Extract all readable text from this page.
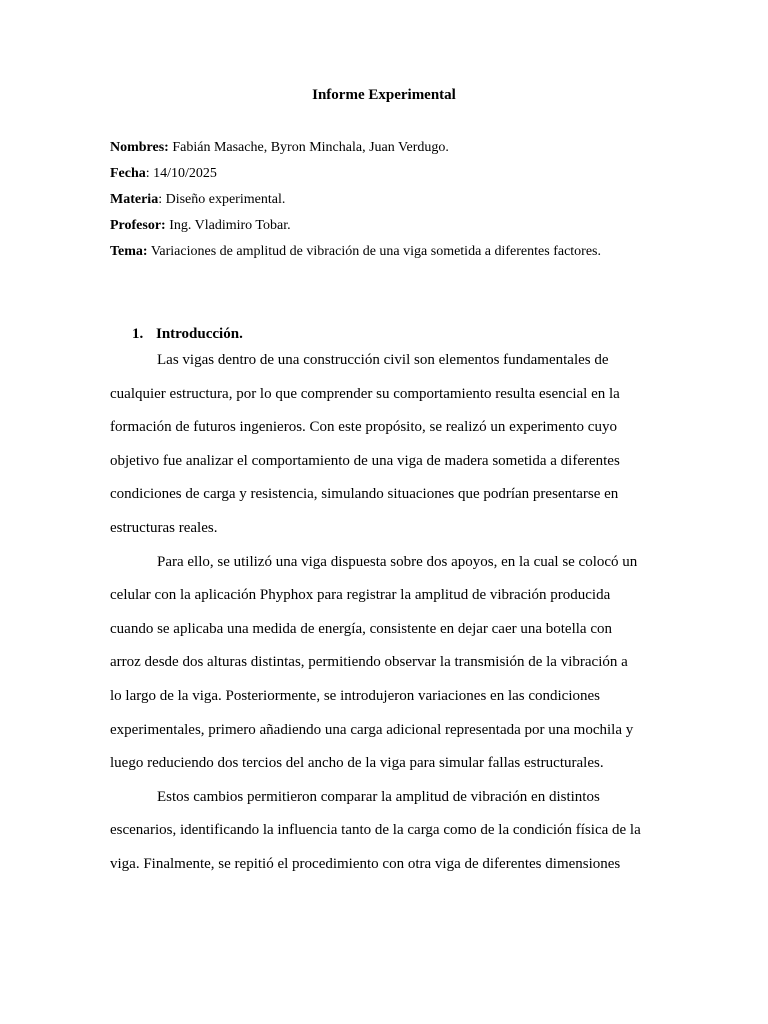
Informe Experimental
Nombres: Fabián Masache, Byron Minchala, Juan Verdugo.
Fecha: 14/10/2025
Materia: Diseño experimental.
Profesor: Ing. Vladimiro Tobar.
Tema: Variaciones de amplitud de vibración de una viga sometida a diferentes factores.
1. Introducción.

Las vigas dentro de una construcción civil son elementos fundamentales de
cualquier estructura, por lo que comprender su comportamiento resulta esencial en la
formación de futuros ingenieros. Con este propósito, se realizó un experimento cuyo
objetivo fue analizar el comportamiento de una viga de madera sometida a diferentes
condiciones de carga y resistencia, simulando situaciones que podrían presentarse en
estructuras reales.

Para ello, se utilizó una viga dispuesta sobre dos apoyos, en la cual se colocó un
celular con la aplicación Phyphox para registrar la amplitud de vibración producida
cuando se aplicaba una medida de energía, consistente en dejar caer una botella con
arroz desde dos alturas distintas, permitiendo observar la transmisión de la vibración a
lo largo de la viga. Posteriormente, se introdujeron variaciones en las condiciones
experimentales, primero añadiendo una carga adicional representada por una mochila y
luego reduciendo dos tercios del ancho de la viga para simular fallas estructurales.

Estos cambios permitieron comparar la amplitud de vibración en distintos
escenarios, identificando la influencia tanto de la carga como de la condición física de la
viga. Finalmente, se repitió el procedimiento con otra viga de diferentes dimensiones
